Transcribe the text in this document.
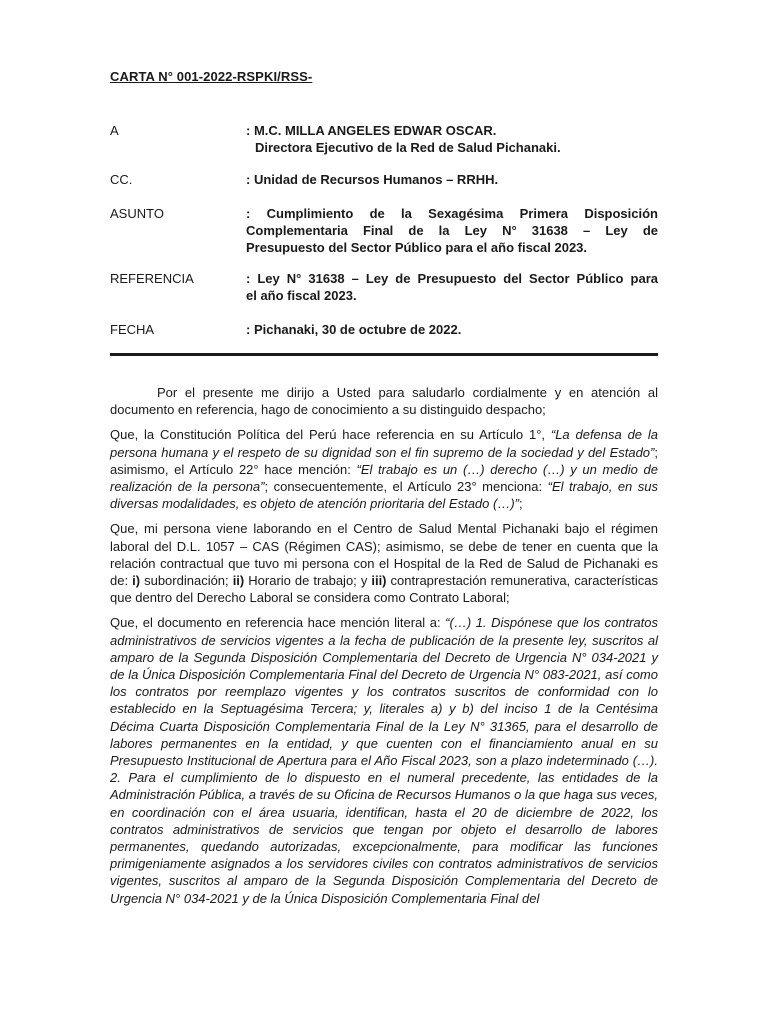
CARTA N° 001-2022-RSPKI/RSS-
A	: M.C. MILLA ANGELES EDWAR OSCAR.
Directora Ejecutivo de la Red de Salud Pichanaki.
CC.	: Unidad de Recursos Humanos – RRHH.
ASUNTO	: Cumplimiento de la Sexagésima Primera Disposición
Complementaria Final de la Ley N° 31638 – Ley de
Presupuesto del Sector Público para el año fiscal 2023.
REFERENCIA	: Ley N° 31638 – Ley de Presupuesto del Sector Público para
el año fiscal 2023.
FECHA	: Pichanaki, 30 de octubre de 2022.

Por el presente me dirijo a Usted para saludarlo cordialmente y en atención al documento en referencia, hago de conocimiento a su distinguido despacho;

Que, la Constitución Política del Perú hace referencia en su Artículo 1°, “La defensa de la persona humana y el respeto de su dignidad son el fin supremo de la sociedad y del Estado”; asimismo, el Artículo 22° hace mención: “El trabajo es un (…) derecho (…) y un medio de realización de la persona”; consecuentemente, el Artículo 23° menciona: “El trabajo, en sus diversas modalidades, es objeto de atención prioritaria del Estado (…)”;

Que, mi persona viene laborando en el Centro de Salud Mental Pichanaki bajo el régimen laboral del D.L. 1057 – CAS (Régimen CAS); asimismo, se debe de tener en cuenta que la relación contractual que tuvo mi persona con el Hospital de la Red de Salud de Pichanaki es de: i) subordinación; ii) Horario de trabajo; y iii) contraprestación remunerativa, características que dentro del Derecho Laboral se considera como Contrato Laboral;

Que, el documento en referencia hace mención literal a: “(…) 1. Dispónese que los contratos administrativos de servicios vigentes a la fecha de publicación de la presente ley, suscritos al amparo de la Segunda Disposición Complementaria del Decreto de Urgencia N° 034-2021 y de la Única Disposición Complementaria Final del Decreto de Urgencia N° 083-2021, así como los contratos por reemplazo vigentes y los contratos suscritos de conformidad con lo establecido en la Septuagésima Tercera; y, literales a) y b) del inciso 1 de la Centésima Décima Cuarta Disposición Complementaria Final de la Ley N° 31365, para el desarrollo de labores permanentes en la entidad, y que cuenten con el financiamiento anual en su Presupuesto Institucional de Apertura para el Año Fiscal 2023, son a plazo indeterminado (…). 2. Para el cumplimiento de lo dispuesto en el numeral precedente, las entidades de la Administración Pública, a través de su Oficina de Recursos Humanos o la que haga sus veces, en coordinación con el área usuaria, identifican, hasta el 20 de diciembre de 2022, los contratos administrativos de servicios que tengan por objeto el desarrollo de labores permanentes, quedando autorizadas, excepcionalmente, para modificar las funciones primigeniamente asignados a los servidores civiles con contratos administrativos de servicios vigentes, suscritos al amparo de la Segunda Disposición Complementaria del Decreto de Urgencia N° 034-2021 y de la Única Disposición Complementaria Final del
